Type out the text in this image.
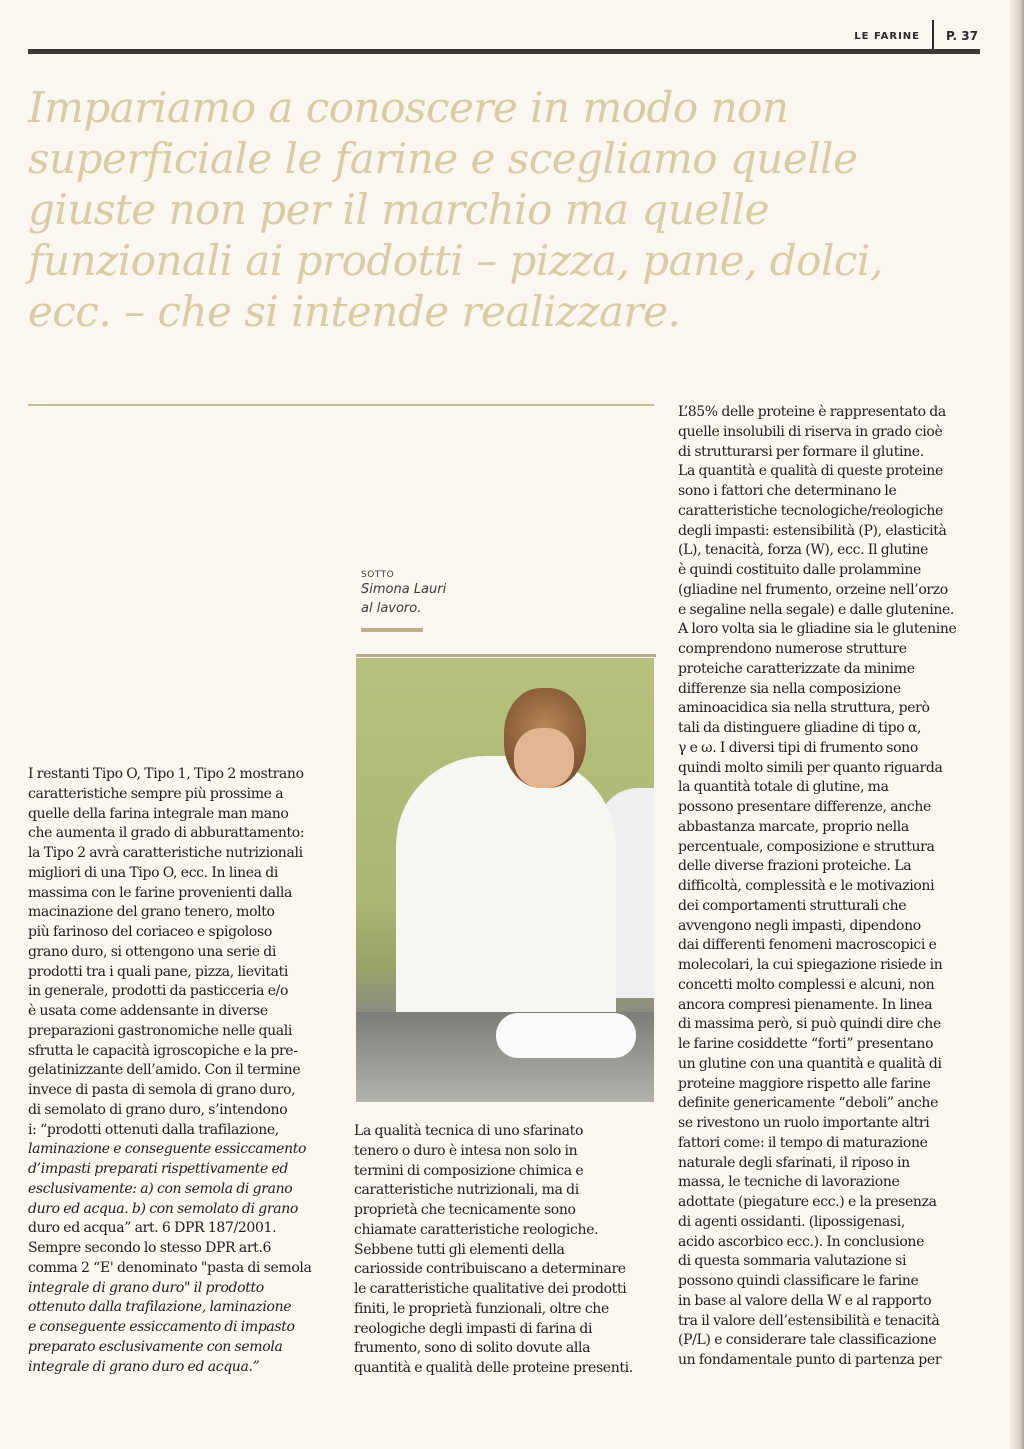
LE FARINE P. 37
Impariamo a conoscere in modo non
superficiale le farine e scegliamo quelle
giuste non per il marchio ma quelle
funzionali ai prodotti – pizza, pane, dolci,
ecc. – che si intende realizzare.
SOTTO
Simona Lauri
al lavoro.
I restanti Tipo O, Tipo 1, Tipo 2 mostrano
caratteristiche sempre più prossime a
quelle della farina integrale man mano
che aumenta il grado di abburattamento:
la Tipo 2 avrà caratteristiche nutrizionali
migliori di una Tipo O, ecc. In linea di
massima con le farine provenienti dalla
macinazione del grano tenero, molto
più farinoso del coriaceo e spigoloso
grano duro, si ottengono una serie di
prodotti tra i quali pane, pizza, lievitati
in generale, prodotti da pasticceria e/o
è usata come addensante in diverse
preparazioni gastronomiche nelle quali
sfrutta le capacità igroscopiche e la pre-
gelatinizzante dell’amido. Con il termine
invece di pasta di semola di grano duro,
di semolato di grano duro, s’intendono
i: “prodotti ottenuti dalla trafilazione,
laminazione e conseguente essiccamento
d’impasti preparati rispettivamente ed
esclusivamente: a) con semola di grano
duro ed acqua. b) con semolato di grano
duro ed acqua” art. 6 DPR 187/2001.
Sempre secondo lo stesso DPR art.6
comma 2 “E' denominato "pasta di semola
integrale di grano duro" il prodotto
ottenuto dalla trafilazione, laminazione
e conseguente essiccamento di impasto
preparato esclusivamente con semola
integrale di grano duro ed acqua.”
La qualità tecnica di uno sfarinato
tenero o duro è intesa non solo in
termini di composizione chimica e
caratteristiche nutrizionali, ma di
proprietà che tecnicamente sono
chiamate caratteristiche reologiche.
Sebbene tutti gli elementi della
cariosside contribuiscano a determinare
le caratteristiche qualitative dei prodotti
finiti, le proprietà funzionali, oltre che
reologiche degli impasti di farina di
frumento, sono di solito dovute alla
quantità e qualità delle proteine presenti.
L’85% delle proteine è rappresentato da
quelle insolubili di riserva in grado cioè
di strutturarsi per formare il glutine.
La quantità e qualità di queste proteine
sono i fattori che determinano le
caratteristiche tecnologiche/reologiche
degli impasti: estensibilità (P), elasticità
(L), tenacità, forza (W), ecc. Il glutine
è quindi costituito dalle prolammine
(gliadine nel frumento, orzeine nell’orzo
e segaline nella segale) e dalle glutenine.
A loro volta sia le gliadine sia le glutenine
comprendono numerose strutture
proteiche caratterizzate da minime
differenze sia nella composizione
aminoacidica sia nella struttura, però
tali da distinguere gliadine di tipo α,
γ e ω. I diversi tipi di frumento sono
quindi molto simili per quanto riguarda
la quantità totale di glutine, ma
possono presentare differenze, anche
abbastanza marcate, proprio nella
percentuale, composizione e struttura
delle diverse frazioni proteiche. La
difficoltà, complessità e le motivazioni
dei comportamenti strutturali che
avvengono negli impasti, dipendono
dai differenti fenomeni macroscopici e
molecolari, la cui spiegazione risiede in
concetti molto complessi e alcuni, non
ancora compresi pienamente. In linea
di massima però, si può quindi dire che
le farine cosiddette “forti” presentano
un glutine con una quantità e qualità di
proteine maggiore rispetto alle farine
definite genericamente “deboli” anche
se rivestono un ruolo importante altri
fattori come: il tempo di maturazione
naturale degli sfarinati, il riposo in
massa, le tecniche di lavorazione
adottate (piegature ecc.) e la presenza
di agenti ossidanti. (lipossigenasi,
acido ascorbico ecc.). In conclusione
di questa sommaria valutazione si
possono quindi classificare le farine
in base al valore della W e al rapporto
tra il valore dell’estensibilità e tenacità
(P/L) e considerare tale classificazione
un fondamentale punto di partenza per
